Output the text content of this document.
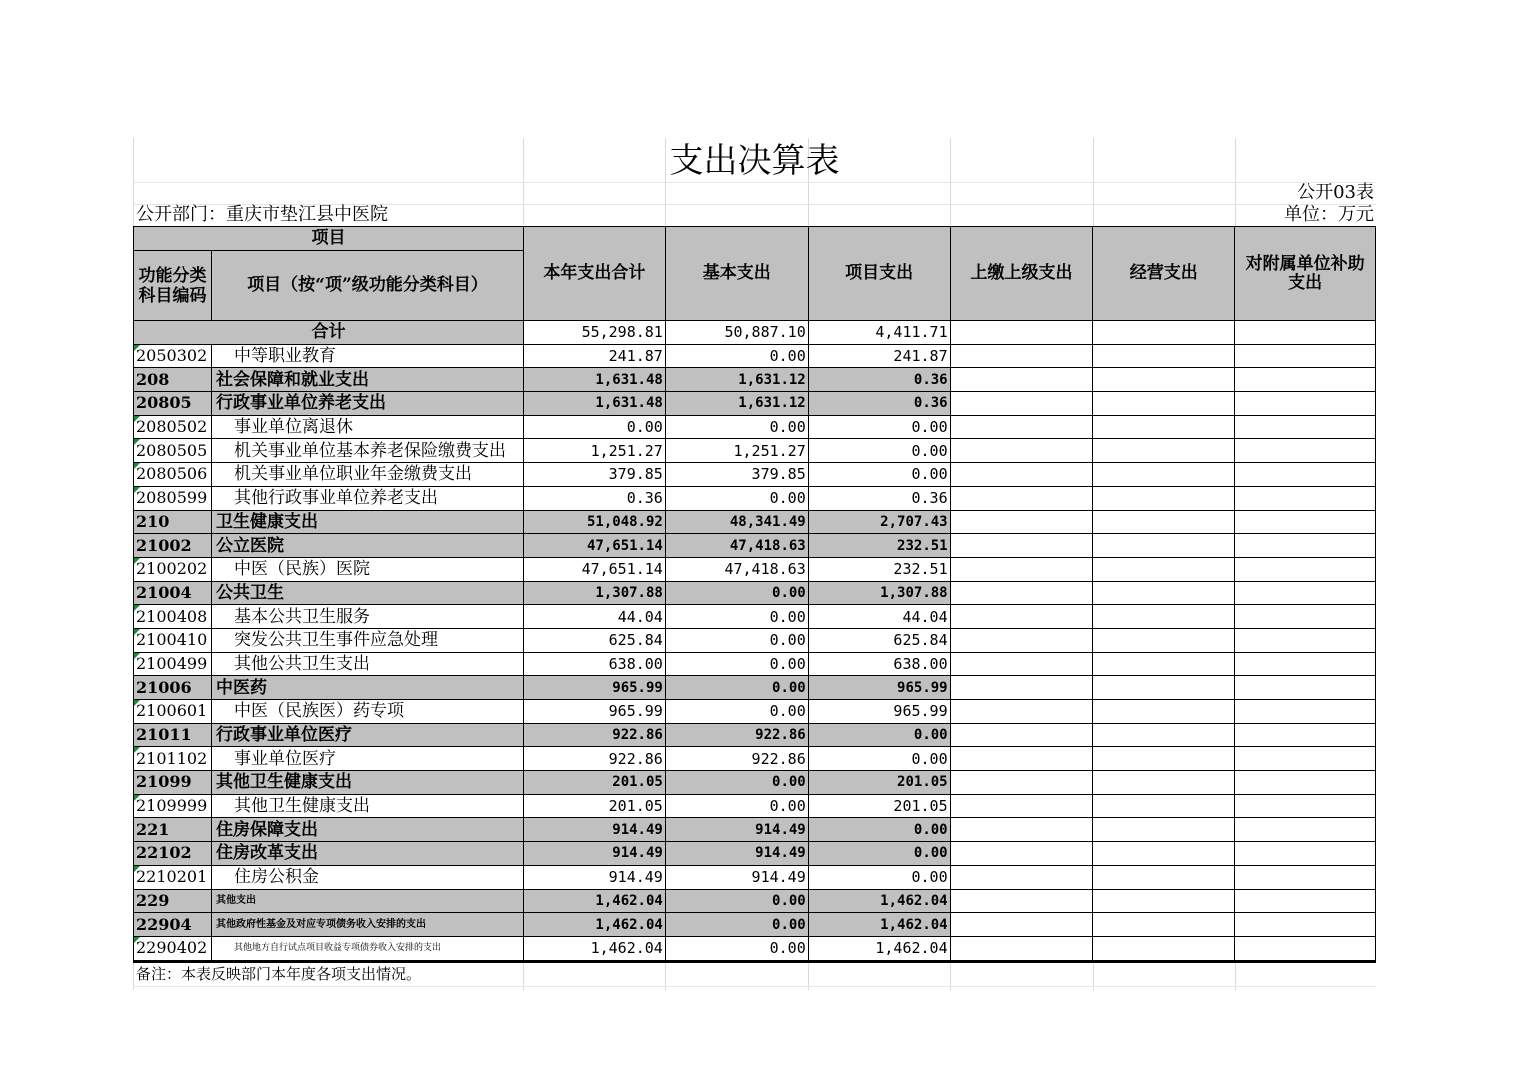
支出决算表
公开03表
公开部门：重庆市垫江县中医院	单位：万元
项目		本年支出合计	基本支出	项目支出	上缴上级支出	经营支出	对附属单位补助支出
功能分类科目编码	项目（按“项”级功能分类科目）						
合计		55,298.81	50,887.10	4,411.71			
2050302	中等职业教育	241.87	0.00	241.87			
208	社会保障和就业支出	1,631.48	1,631.12	0.36			
20805	行政事业单位养老支出	1,631.48	1,631.12	0.36			
2080502	事业单位离退休	0.00	0.00	0.00			
2080505	机关事业单位基本养老保险缴费支出	1,251.27	1,251.27	0.00			
2080506	机关事业单位职业年金缴费支出	379.85	379.85	0.00			
2080599	其他行政事业单位养老支出	0.36	0.00	0.36			
210	卫生健康支出	51,048.92	48,341.49	2,707.43			
21002	公立医院	47,651.14	47,418.63	232.51			
2100202	中医（民族）医院	47,651.14	47,418.63	232.51			
21004	公共卫生	1,307.88	0.00	1,307.88			
2100408	基本公共卫生服务	44.04	0.00	44.04			
2100410	突发公共卫生事件应急处理	625.84	0.00	625.84			
2100499	其他公共卫生支出	638.00	0.00	638.00			
21006	中医药	965.99	0.00	965.99			
2100601	中医（民族医）药专项	965.99	0.00	965.99			
21011	行政事业单位医疗	922.86	922.86	0.00			
2101102	事业单位医疗	922.86	922.86	0.00			
21099	其他卫生健康支出	201.05	0.00	201.05			
2109999	其他卫生健康支出	201.05	0.00	201.05			
221	住房保障支出	914.49	914.49	0.00			
22102	住房改革支出	914.49	914.49	0.00			
2210201	住房公积金	914.49	914.49	0.00			
229	其他支出	1,462.04	0.00	1,462.04			
22904	其他政府性基金及对应专项债务收入安排的支出	1,462.04	0.00	1,462.04			
2290402	其他地方自行试点项目收益专项债券收入安排的支出	1,462.04	0.00	1,462.04			
备注：本表反映部门本年度各项支出情况。
